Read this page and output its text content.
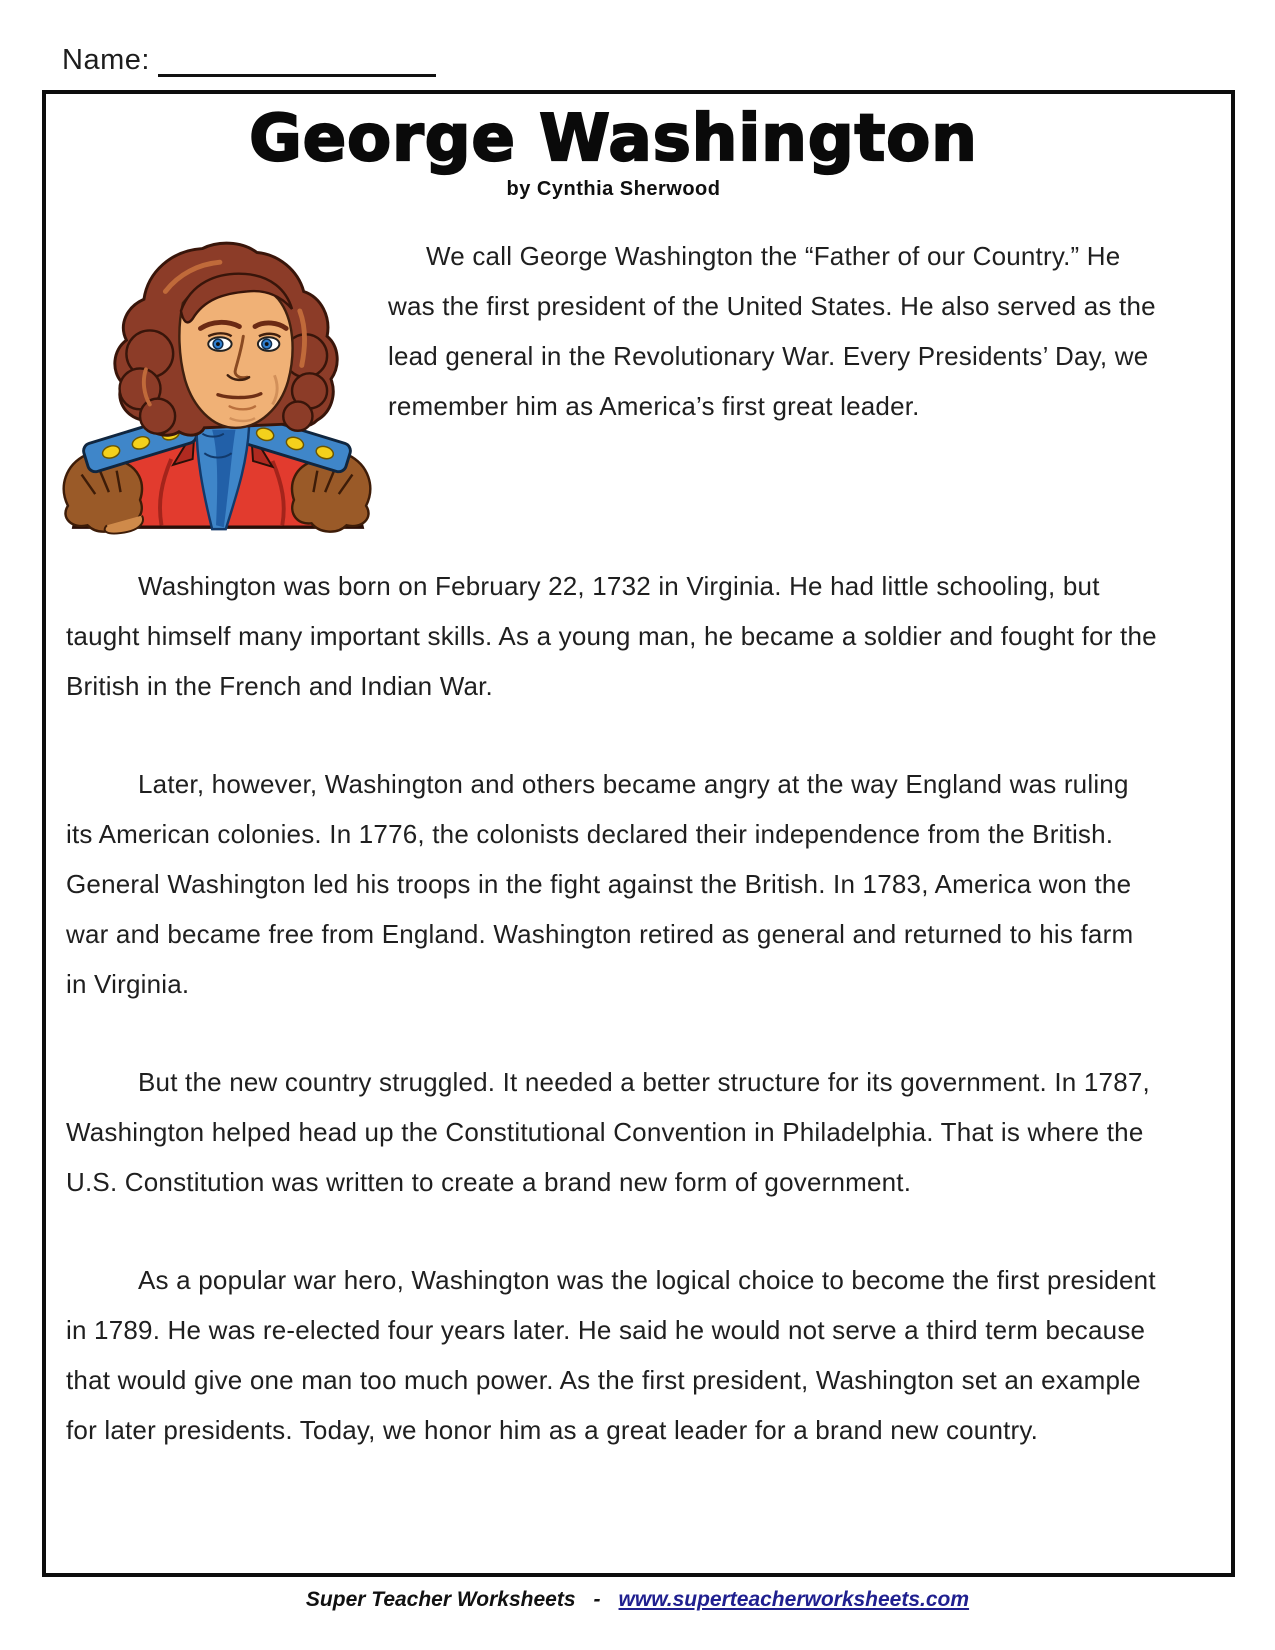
Name:
George Washington
by Cynthia Sherwood

We call George Washington the “Father of our Country.” He was the first president of the United States. He also served as the lead general in the Revolutionary War. Every Presidents’ Day, we remember him as America’s first great leader.

Washington was born on February 22, 1732 in Virginia. He had little schooling, but taught himself many important skills. As a young man, he became a soldier and fought for the British in the French and Indian War.

Later, however, Washington and others became angry at the way England was ruling its American colonies. In 1776, the colonists declared their independence from the British. General Washington led his troops in the fight against the British. In 1783, America won the war and became free from England. Washington retired as general and returned to his farm in Virginia.

But the new country struggled. It needed a better structure for its government. In 1787, Washington helped head up the Constitutional Convention in Philadelphia. That is where the U.S. Constitution was written to create a brand new form of government.

As a popular war hero, Washington was the logical choice to become the first president in 1789. He was re-elected four years later. He said he would not serve a third term because that would give one man too much power. As the first president, Washington set an example for later presidents. Today, we honor him as a great leader for a brand new country.

Super Teacher Worksheets - www.superteacherworksheets.com
